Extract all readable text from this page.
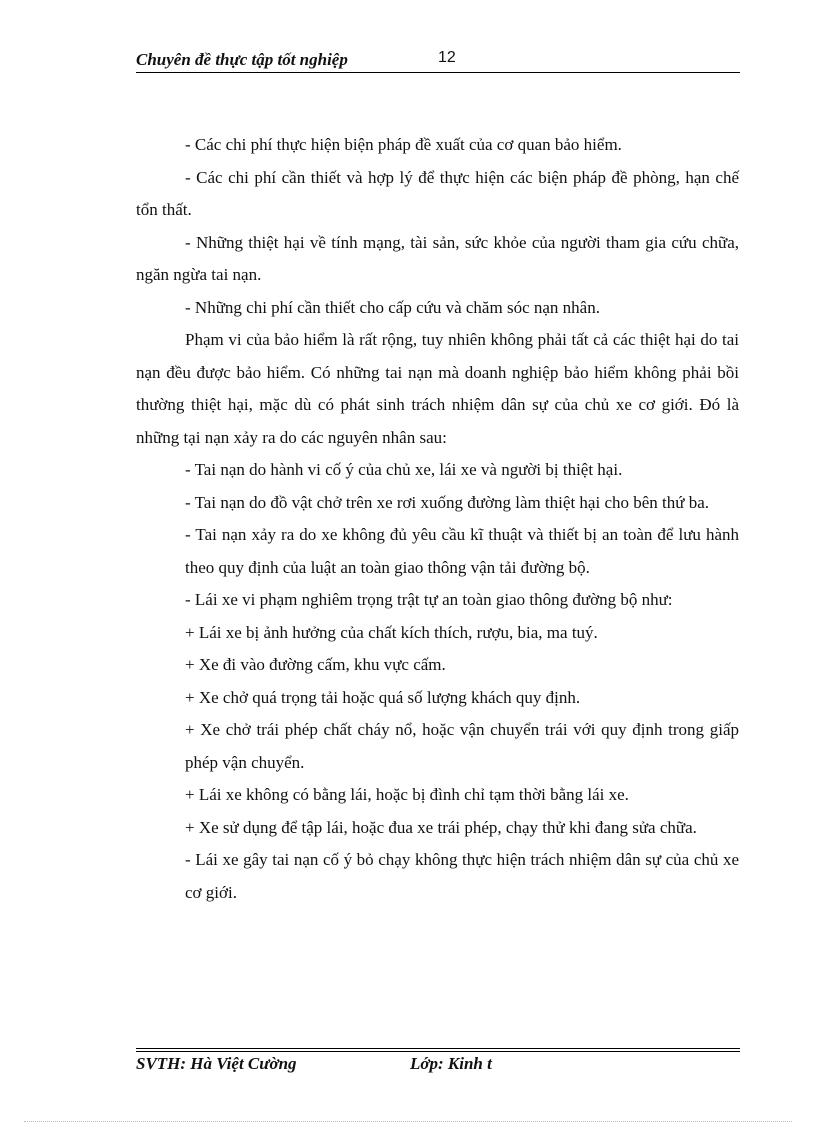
Chuyên đề thực tập tốt nghiệp	12

- Các chi phí thực hiện biện pháp đề xuất của cơ quan bảo hiểm.

- Các chi phí cần thiết và hợp lý để thực hiện các biện pháp đề phòng, hạn chế tổn thất.

- Những thiệt hại về tính mạng, tài sản, sức khỏe của người tham gia cứu chữa, ngăn ngừa tai nạn.

- Những chi phí cần thiết cho cấp cứu và chăm sóc nạn nhân.

Phạm vi của bảo hiểm là rất rộng, tuy nhiên không phải tất cả các thiệt hại do tai nạn đều được bảo hiểm. Có những tai nạn mà doanh nghiệp bảo hiểm không phải bồi thường thiệt hại, mặc dù có phát sinh trách nhiệm dân sự của chủ xe cơ giới. Đó là những tại nạn xảy ra do các nguyên nhân sau:

- Tai nạn do hành vi cố ý của chủ xe, lái xe và người bị thiệt hại.

- Tai nạn do đồ vật chở trên xe rơi xuống đường làm thiệt hại cho bên thứ ba.

- Tai nạn xảy ra do xe không đủ yêu cầu kĩ thuật và thiết bị an toàn để lưu hành theo quy định của luật an toàn giao thông vận tải đường bộ.

- Lái xe vi phạm nghiêm trọng trật tự an toàn giao thông đường bộ như:

+ Lái xe bị ảnh hưởng của chất kích thích, rượu, bia, ma tuý.

+ Xe đi vào đường cấm, khu vực cấm.

+ Xe chở quá trọng tải hoặc quá số lượng khách quy định.

+ Xe chở trái phép chất cháy nổ, hoặc vận chuyển trái với quy định trong giấp phép vận chuyển.

+ Lái xe không có bằng lái, hoặc bị đình chỉ tạm thời bằng lái xe.

+ Xe sử dụng để tập lái, hoặc đua xe trái phép, chạy thử khi đang sửa chữa.

- Lái xe gây tai nạn cố ý bỏ chạy không thực hiện trách nhiệm dân sự của chủ xe cơ giới.

SVTH: Hà Việt Cường	Lớp: Kinh t
